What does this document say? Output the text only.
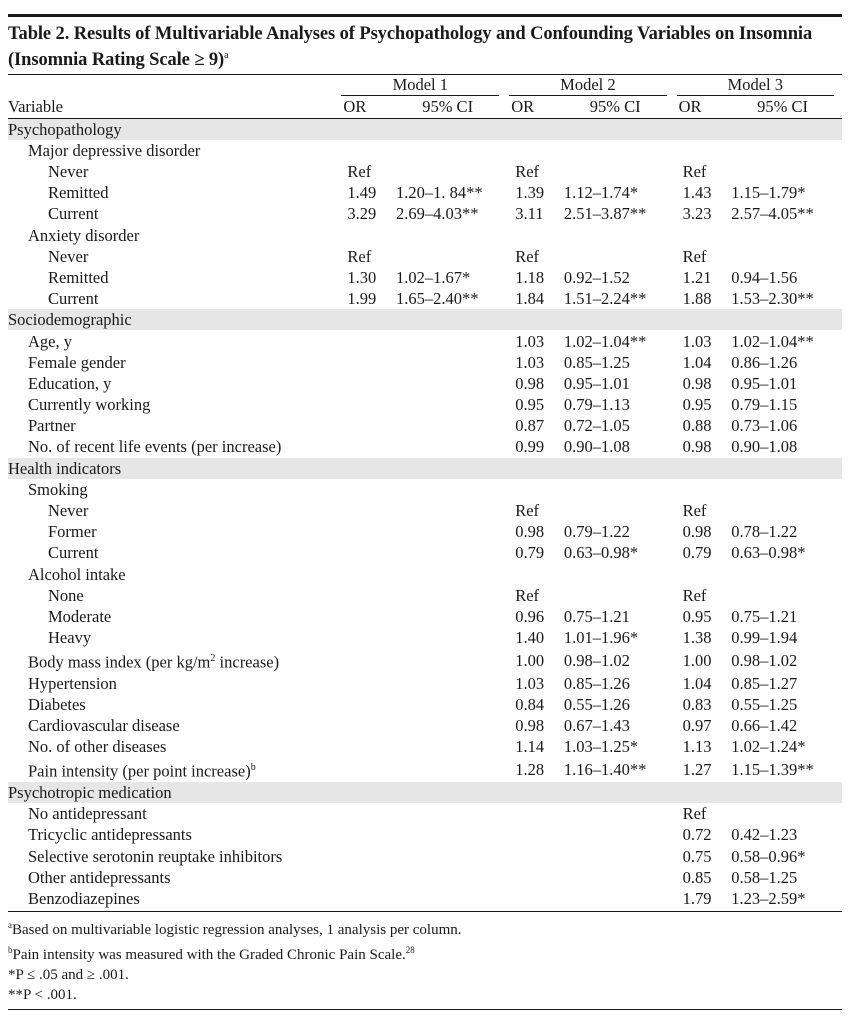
Table 2. Results of Multivariable Analyses of Psychopathology and Confounding Variables on Insomnia (Insomnia Rating Scale ≥ 9)$^a$

	Model 1		Model 2		Model 3	

Variable	OR	95% CI	OR	95% CI	OR	95% CI
Psychopathology						
Major depressive disorder						
Never	Ref		Ref		Ref	
Remitted	1.49	1.20–1. 84**	1.39	1.12–1.74*	1.43	1.15–1.79*
Current	3.29	2.69–4.03**	3.11	2.51–3.87**	3.23	2.57–4.05**
Anxiety disorder						
Never	Ref		Ref		Ref	
Remitted	1.30	1.02–1.67*	1.18	0.92–1.52	1.21	0.94–1.56
Current	1.99	1.65–2.40**	1.84	1.51–2.24**	1.88	1.53–2.30**
Sociodemographic						
Age, y			1.03	1.02–1.04**	1.03	1.02–1.04**
Female gender			1.03	0.85–1.25	1.04	0.86–1.26
Education, y			0.98	0.95–1.01	0.98	0.95–1.01
Currently working			0.95	0.79–1.13	0.95	0.79–1.15
Partner			0.87	0.72–1.05	0.88	0.73–1.06
No. of recent life events (per increase)			0.99	0.90–1.08	0.98	0.90–1.08
Health indicators						
Smoking						
Never			Ref		Ref	
Former			0.98	0.79–1.22	0.98	0.78–1.22
Current			0.79	0.63–0.98*	0.79	0.63–0.98*
Alcohol intake						
None			Ref		Ref	
Moderate			0.96	0.75–1.21	0.95	0.75–1.21
Heavy			1.40	1.01–1.96*	1.38	0.99–1.94
Body mass index (per $kg/m^2$ increase)			1.00	0.98–1.02	1.00	0.98–1.02
Hypertension			1.03	0.85–1.26	1.04	0.85–1.27
Diabetes			0.84	0.55–1.26	0.83	0.55–1.25
Cardiovascular disease			0.98	0.67–1.43	0.97	0.66–1.42
No. of other diseases			1.14	1.03–1.25*	1.13	1.02–1.24*
Pain intensity (per point increase)$^b$			1.28	1.16–1.40**	1.27	1.15–1.39**
Psychotropic medication						
No antidepressant					Ref	
Tricyclic antidepressants					0.72	0.42–1.23
Selective serotonin reuptake inhibitors					0.75	0.58–0.96*
Other antidepressants					0.85	0.58–1.25
Benzodiazepines					1.79	1.23–2.59*
$^a$Based on multivariable logistic regression analyses, 1 analysis per column.
$^b$Pain intensity was measured with the Graded Chronic Pain Scale.$^{28}$
*P ≤ .05 and ≥ .001.
**P < .001.
